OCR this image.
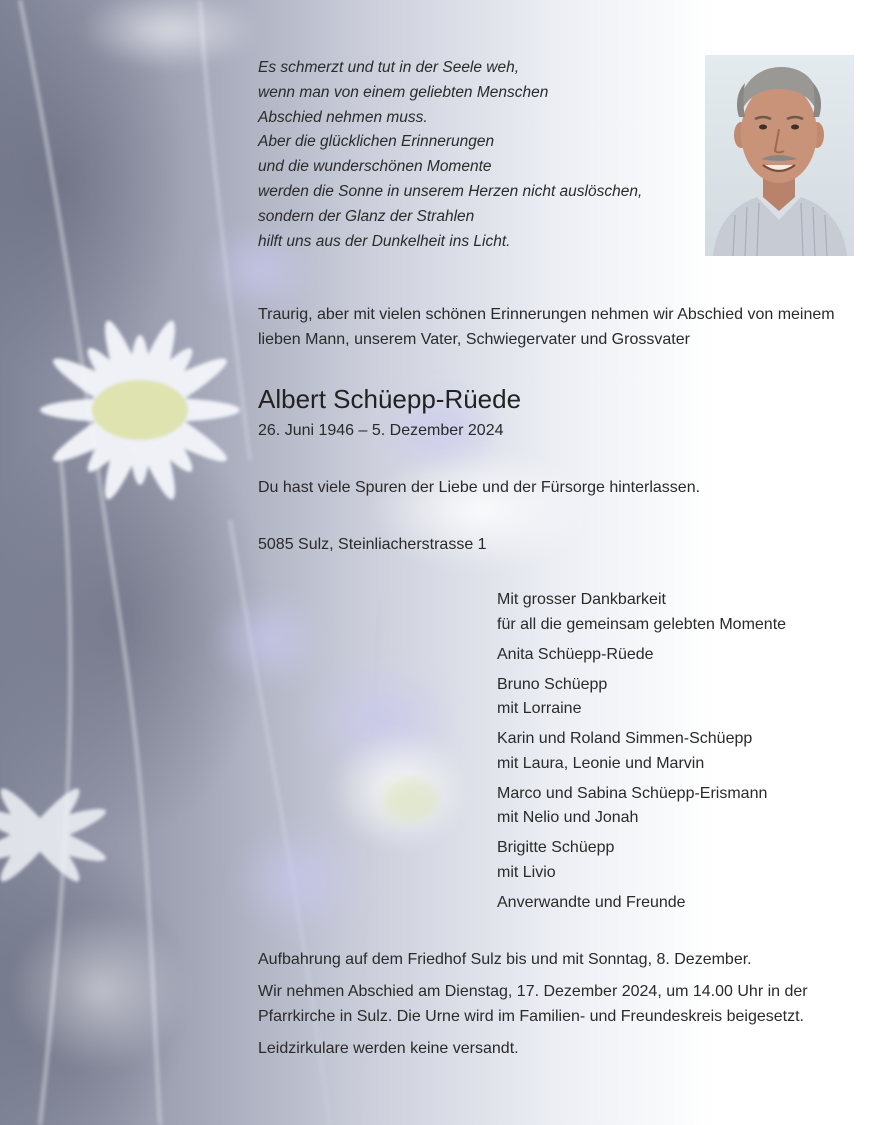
Es schmerzt und tut in der Seele weh,
wenn man von einem geliebten Menschen
Abschied nehmen muss.
Aber die glücklichen Erinnerungen
und die wunderschönen Momente
werden die Sonne in unserem Herzen nicht auslöschen,
sondern der Glanz der Strahlen
hilft uns aus der Dunkelheit ins Licht.
Traurig, aber mit vielen schönen Erinnerungen nehmen wir Abschied von meinem lieben Mann, unserem Vater, Schwiegervater und Grossvater
Albert Schüepp-Rüede
26. Juni 1946 – 5. Dezember 2024
Du hast viele Spuren der Liebe und der Fürsorge hinterlassen.
5085 Sulz, Steinliacherstrasse 1
Mit grosser Dankbarkeit
für all die gemeinsam gelebten Momente
Anita Schüepp-Rüede
Bruno Schüepp
mit Lorraine
Karin und Roland Simmen-Schüepp
mit Laura, Leonie und Marvin
Marco und Sabina Schüepp-Erismann
mit Nelio und Jonah
Brigitte Schüepp
mit Livio
Anverwandte und Freunde

Aufbahrung auf dem Friedhof Sulz bis und mit Sonntag, 8. Dezember.

Wir nehmen Abschied am Dienstag, 17. Dezember 2024, um 14.00 Uhr in der Pfarrkirche in Sulz. Die Urne wird im Familien- und Freundeskreis beigesetzt.

Leidzirkulare werden keine versandt.
